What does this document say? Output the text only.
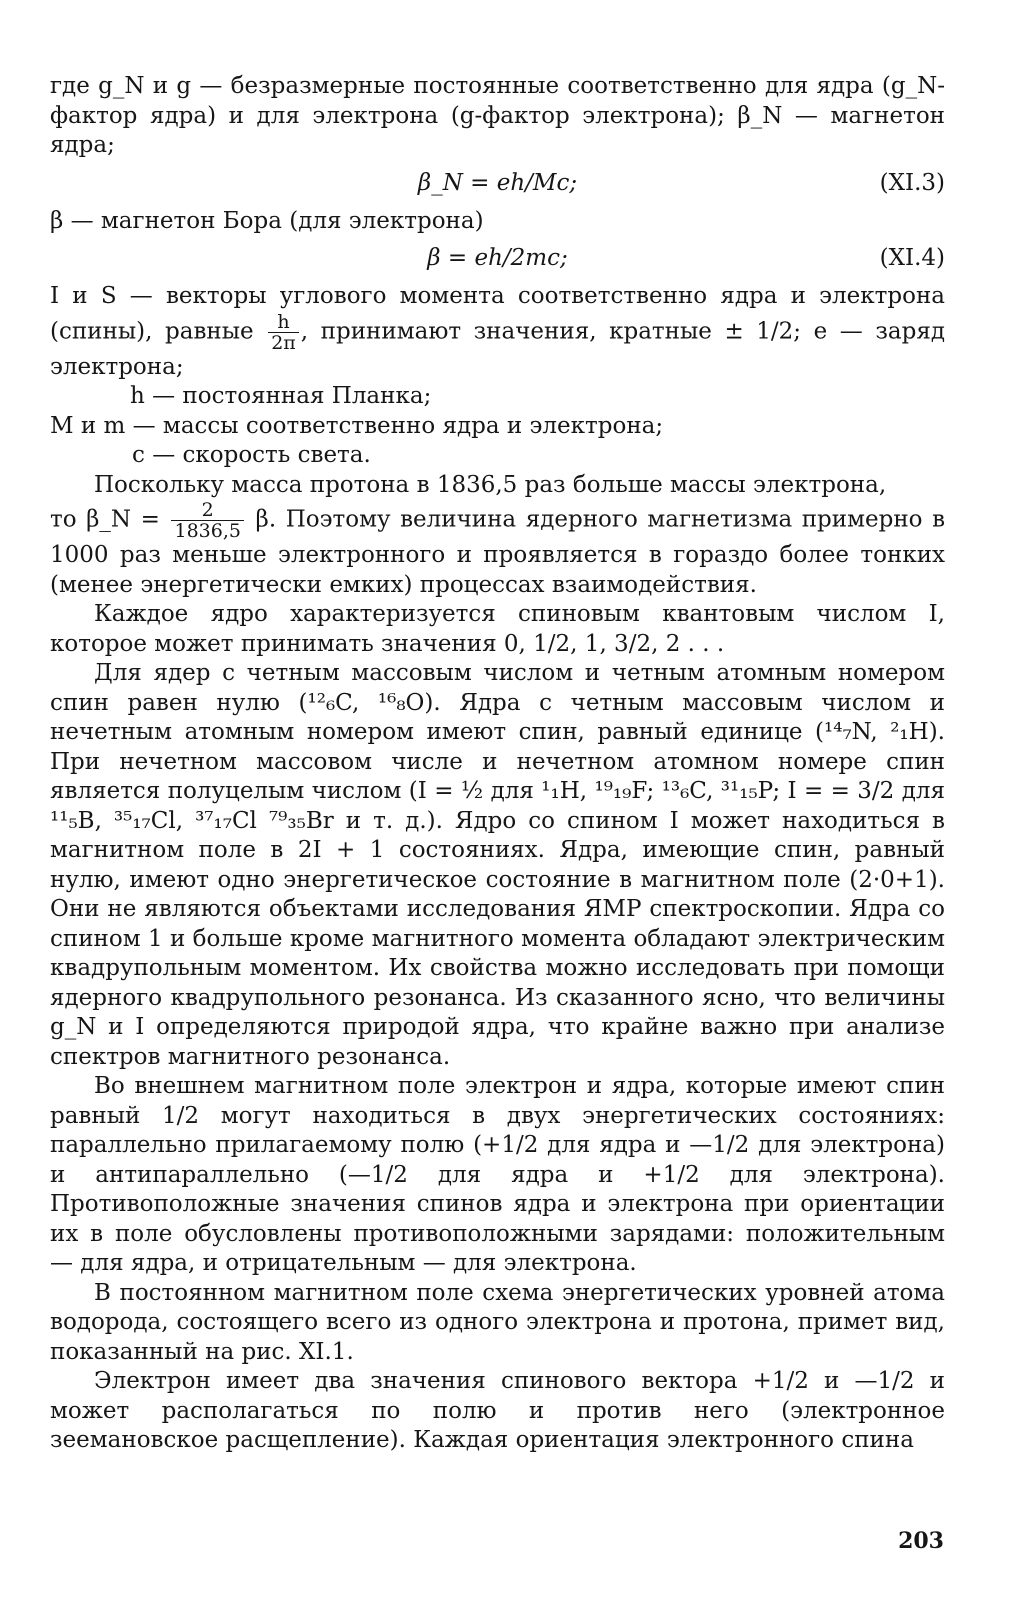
где g_N и g — безразмерные постоянные соответственно для ядра (g_N-фактор ядра) и для электрона (g-фактор электрона); β_N — магнетон ядра;

β_N = eh/Mc;	(XI.3)

β — магнетон Бора (для электрона)

β = eh/2mc;	(XI.4)

I и S — векторы углового момента соответственно ядра и электрона (спины), равные $\frac{h}{2\pi}$ , принимают значения, кратные ± 1/2; e — заряд электрона;

h — постоянная Планка;
M и m — массы соответственно ядра и электрона;
c — скорость света.

Поскольку масса протона в 1836,5 раз больше массы электрона,

то β_N = $\frac{2}{1836,5} \beta$. Поэтому величина ядерного магнетизма примерно в 1000 раз меньше электронного и проявляется в гораздо более тонких (менее энергетически емких) процессах взаимодействия.

Каждое ядро характеризуется спиновым квантовым числом I, которое может принимать значения 0, 1/2, 1, 3/2, 2 . . .

Для ядер с четным массовым числом и четным атомным номером спин равен нулю (¹²₆C, ¹⁶₈O). Ядра с четным массовым числом и нечетным атомным номером имеют спин, равный единице (¹⁴₇N, ²₁H). При нечетном массовом числе и нечетном атомном номере спин является полуцелым числом (I = ½ для ¹₁H, ¹⁹₁₉F; ¹³₆C, ³¹₁₅P; I = = 3/2 для ¹¹₅B, ³⁵₁₇Cl, ³⁷₁₇Cl ⁷⁹₃₅Br и т. д.). Ядро со спином I может находиться в магнитном поле в 2I + 1 состояниях. Ядра, имеющие спин, равный нулю, имеют одно энергетическое состояние в магнитном поле (2·0+1). Они не являются объектами исследования ЯМР спектроскопии. Ядра со спином 1 и больше кроме магнитного момента обладают электрическим квадрупольным моментом. Их свойства можно исследовать при помощи ядерного квадрупольного резонанса. Из сказанного ясно, что величины g_N и I определяются природой ядра, что крайне важно при анализе спектров магнитного резонанса.

Во внешнем магнитном поле электрон и ядра, которые имеют спин равный 1/2 могут находиться в двух энергетических состояниях: параллельно прилагаемому полю (+1/2 для ядра и —1/2 для электрона) и антипараллельно (—1/2 для ядра и +1/2 для электрона). Противоположные значения спинов ядра и электрона при ориентации их в поле обусловлены противоположными зарядами: положительным — для ядра, и отрицательным — для электрона.

В постоянном магнитном поле схема энергетических уровней атома водорода, состоящего всего из одного электрона и протона, примет вид, показанный на рис. XI.1.

Электрон имеет два значения спинового вектора +1/2 и —1/2 и может располагаться по полю и против него (электронное зеемановское расщепление). Каждая ориентация электронного спина

203
